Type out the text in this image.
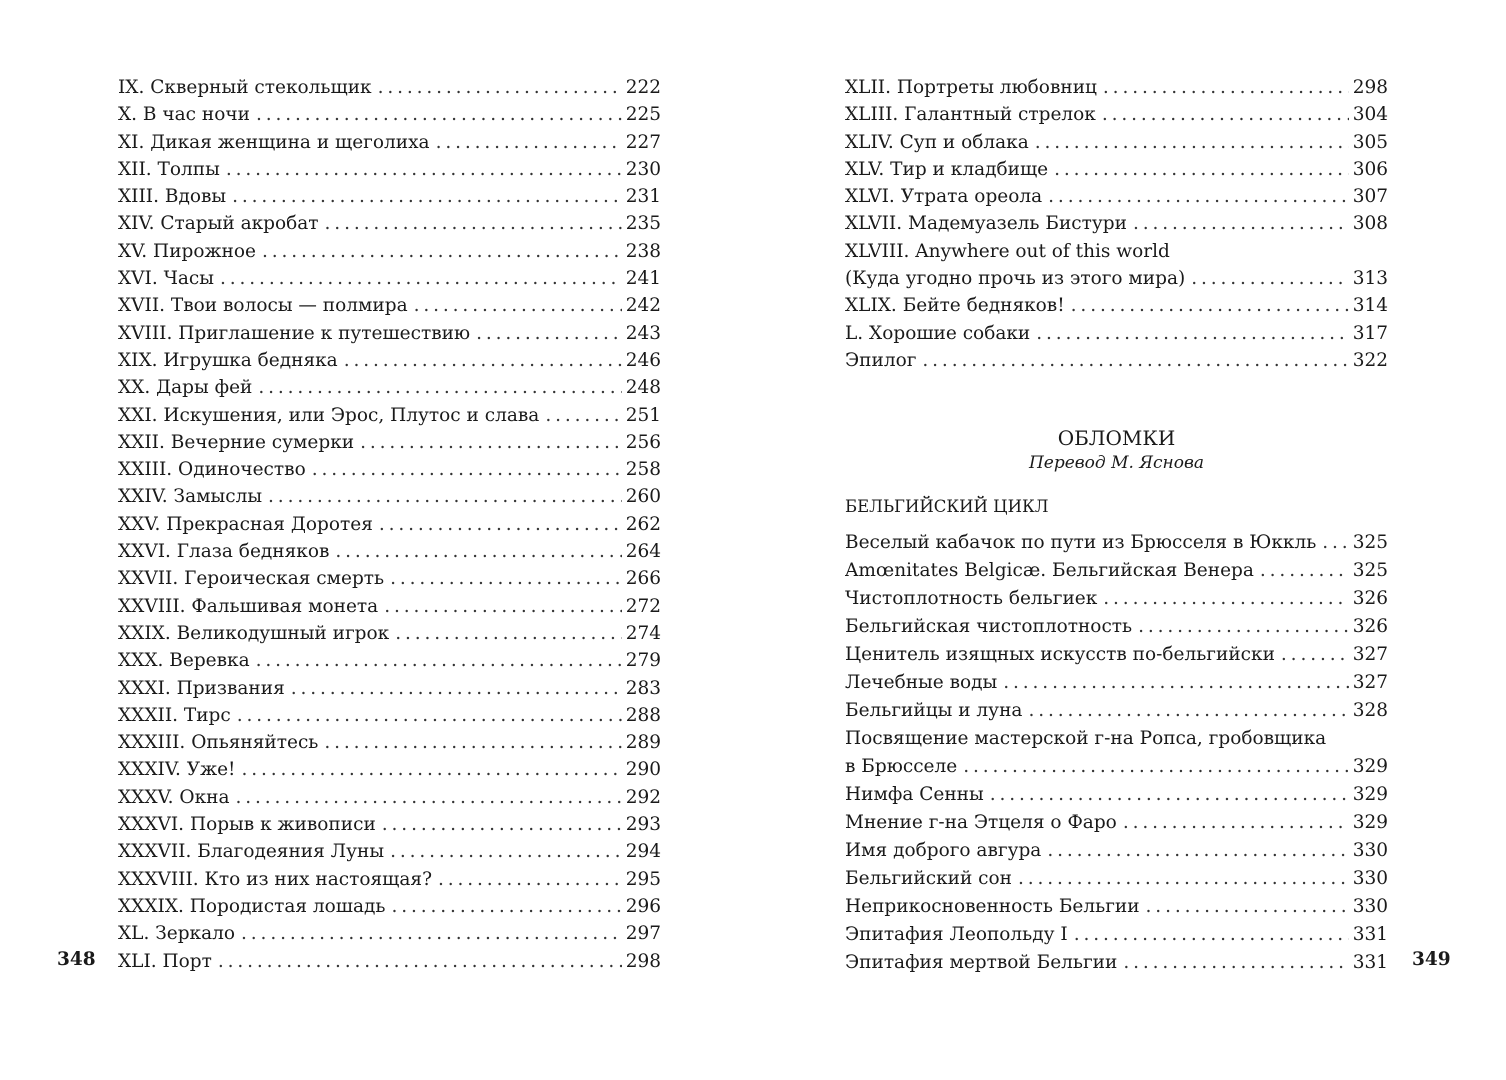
IX. Скверный стекольщик . . .	222
X. В час ночи . . .	225
XI. Дикая женщина и щеголиха . . .	227
XII. Толпы . . .	230
XIII. Вдовы . . .	231
XIV. Старый акробат . . .	235
XV. Пирожное . . .	238
XVI. Часы . . .	241
XVII. Твои волосы — полмира . . .	242
XVIII. Приглашение к путешествию . . .	243
XIX. Игрушка бедняка . . .	246
XX. Дары фей . . .	248
XXI. Искушения, или Эрос, Плутос и слава . . .	251
XXII. Вечерние сумерки . . .	256
XXIII. Одиночество . . .	258
XXIV. Замыслы . . .	260
XXV. Прекрасная Доротея . . .	262
XXVI. Глаза бедняков . . .	264
XXVII. Героическая смерть . . .	266
XXVIII. Фальшивая монета . . .	272
XXIX. Великодушный игрок . . .	274
XXX. Веревка . . .	279
XXXI. Призвания . . .	283
XXXII. Тирс . . .	288
XXXIII. Опьяняйтесь . . .	289
XXXIV. Уже! . . .	290
XXXV. Окна . . .	292
XXXVI. Порыв к живописи . . .	293
XXXVII. Благодеяния Луны . . .	294
XXXVIII. Кто из них настоящая? . . .	295
XXXIX. Породистая лошадь . . .	296
XL. Зеркало . . .	297
XLI. Порт . . .	298
348
XLII. Портреты любовниц . . .	298
XLIII. Галантный стрелок . . .	304
XLIV. Суп и облака . . .	305
XLV. Тир и кладбище . . .	306
XLVI. Утрата ореола . . .	307
XLVII. Мадемуазель Бистури . . .	308
XLVIII. Anywhere out of this world
(Куда угодно прочь из этого мира) . . .	313
XLIX. Бейте бедняков! . . .	314
L. Хорошие собаки . . .	317
Эпилог . . .	322
ОБЛОМКИ
Перевод М. Яснова
БЕЛЬГИЙСКИЙ ЦИКЛ
Веселый кабачок по пути из Брюсселя в Юккль . . .	325
Amœnitates Belgicæ. Бельгийская Венера . . .	325
Чистоплотность бельгиек . . .	326
Бельгийская чистоплотность . . .	326
Ценитель изящных искусств по-бельгийски . . .	327
Лечебные воды . . .	327
Бельгийцы и луна . . .	328
Посвящение мастерской г-на Ропса, гробовщика
в Брюсселе . . .	329
Нимфа Сенны . . .	329
Мнение г-на Этцеля о Фаро . . .	329
Имя доброго авгура . . .	330
Бельгийский сон . . .	330
Неприкосновенность Бельгии . . .	330
Эпитафия Леопольду I . . .	331
Эпитафия мертвой Бельгии . . .	331 349
